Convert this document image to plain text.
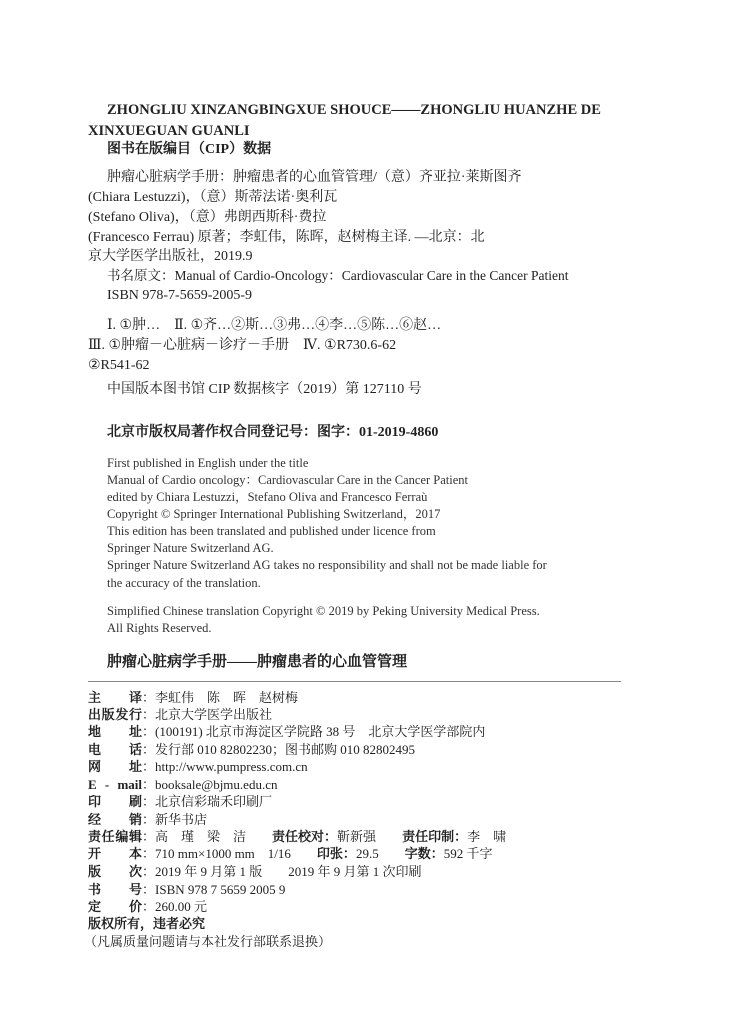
ZHONGLIU XINZANGBINGXUE SHOUCE——ZHONGLIU HUANZHE DE
XINXUEGUAN GUANLI
图书在版编目（CIP）数据
肿瘤心脏病学手册：肿瘤患者的心血管管理/（意）齐亚拉·莱斯图齐
(Chiara Lestuzzi)，（意）斯蒂法诺·奥利瓦
(Stefano Oliva)，（意）弗朗西斯科·费拉
(Francesco Ferrau) 原著；李虹伟，陈晖，赵树梅主译. —北京：北
京大学医学出版社，2019.9
书名原文：Manual of Cardio-Oncology：Cardiovascular Care in the Cancer Patient
ISBN 978-7-5659-2005-9
Ⅰ. ①肿…　Ⅱ. ①齐…②斯…③弗…④李…⑤陈…⑥赵…
Ⅲ. ①肿瘤－心脏病－诊疗－手册　Ⅳ. ①R730.6-62
②R541-62
中国版本图书馆 CIP 数据核字（2019）第 127110 号
北京市版权局著作权合同登记号：图字：01-2019-4860
First published in English under the title
Manual of Cardio oncology：Cardiovascular Care in the Cancer Patient
edited by Chiara Lestuzzi，Stefano Oliva and Francesco Ferraù
Copyright © Springer International Publishing Switzerland，2017
This edition has been translated and published under licence from
Springer Nature Switzerland AG.
Springer Nature Switzerland AG takes no responsibility and shall not be made liable for
the accuracy of the translation.
Simplified Chinese translation Copyright © 2019 by Peking University Medical Press.
All Rights Reserved.
肿瘤心脏病学手册——肿瘤患者的心血管管理
主译：李虹伟　陈　晖　赵树梅
出版发行：北京大学医学出版社
地址：(100191) 北京市海淀区学院路 38 号　北京大学医学部院内
电话：发行部 010 82802230；图书邮购 010 82802495
网址：http://www.pumpress.com.cn
E - mail：booksale@bjmu.edu.cn
印刷：北京信彩瑞禾印刷厂
经销：新华书店
责任编辑：高　瑾　梁　洁 责任校对：靳新强 责任印制：李　啸
开本：710 mm×1000 mm　1/16 印张：29.5 字数：592 千字
版次：2019 年 9 月第 1 版　　2019 年 9 月第 1 次印刷
书号：ISBN 978 7 5659 2005 9
定价：260.00 元
版权所有，违者必究
（凡属质量问题请与本社发行部联系退换）
